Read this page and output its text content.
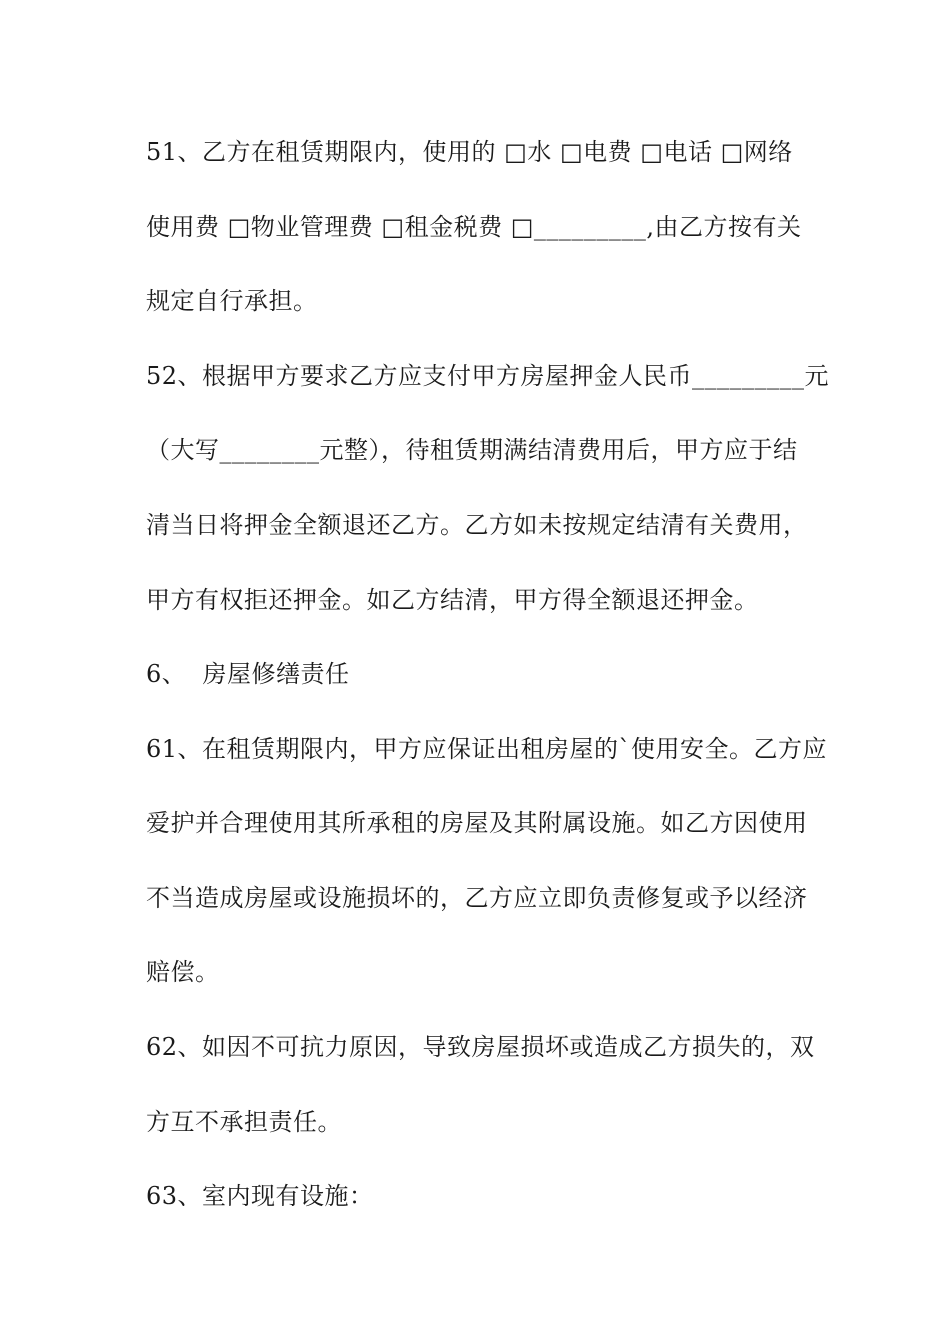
51、乙方在租赁期限内，使用的 □水 □电费 □电话 □网络
使用费 □物业管理费 □租金税费 □_________,由乙方按有关
规定自行承担。
52、根据甲方要求乙方应支付甲方房屋押金人民币_________元
（大写________元整），待租赁期满结清费用后，甲方应于结
清当日将押金全额退还乙方。乙方如未按规定结清有关费用，
甲方有权拒还押金。如乙方结清，甲方得全额退还押金。
6、  房屋修缮责任
61、在租赁期限内，甲方应保证出租房屋的`使用安全。乙方应
爱护并合理使用其所承租的房屋及其附属设施。如乙方因使用
不当造成房屋或设施损坏的，乙方应立即负责修复或予以经济
赔偿。
62、如因不可抗力原因，导致房屋损坏或造成乙方损失的，双
方互不承担责任。
63、室内现有设施：
